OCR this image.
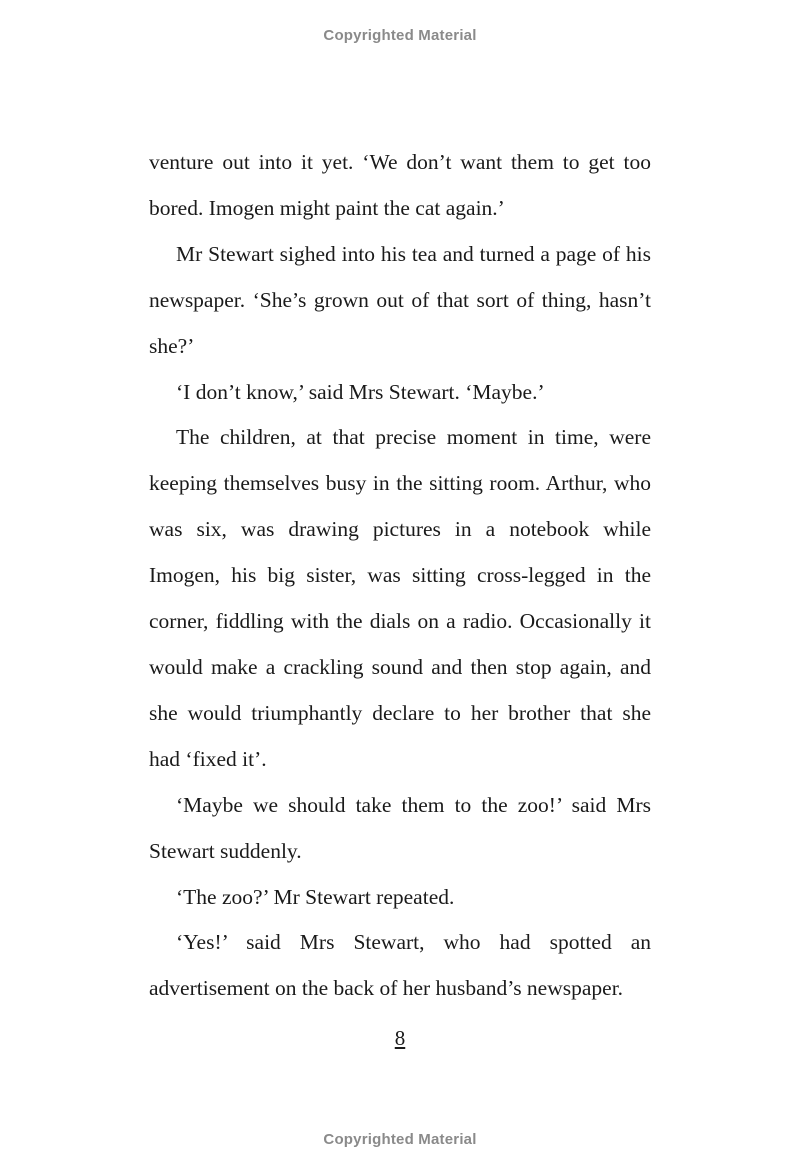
Copyrighted Material

venture out into it yet. ‘We don’t want them to get too bored. Imogen might paint the cat again.’

Mr Stewart sighed into his tea and turned a page of his newspaper. ‘She’s grown out of that sort of thing, hasn’t she?’

‘I don’t know,’ said Mrs Stewart. ‘Maybe.’

The children, at that precise moment in time, were keeping themselves busy in the sitting room. Arthur, who was six, was drawing pictures in a notebook while Imogen, his big sister, was sitting cross-legged in the corner, fiddling with the dials on a radio. Occasionally it would make a crackling sound and then stop again, and she would triumphantly declare to her brother that she had ‘fixed it’.

‘Maybe we should take them to the zoo!’ said Mrs Stewart suddenly.

‘The zoo?’ Mr Stewart repeated.

‘Yes!’ said Mrs Stewart, who had spotted an advertisement on the back of her husband’s newspaper.

8
Copyrighted Material
